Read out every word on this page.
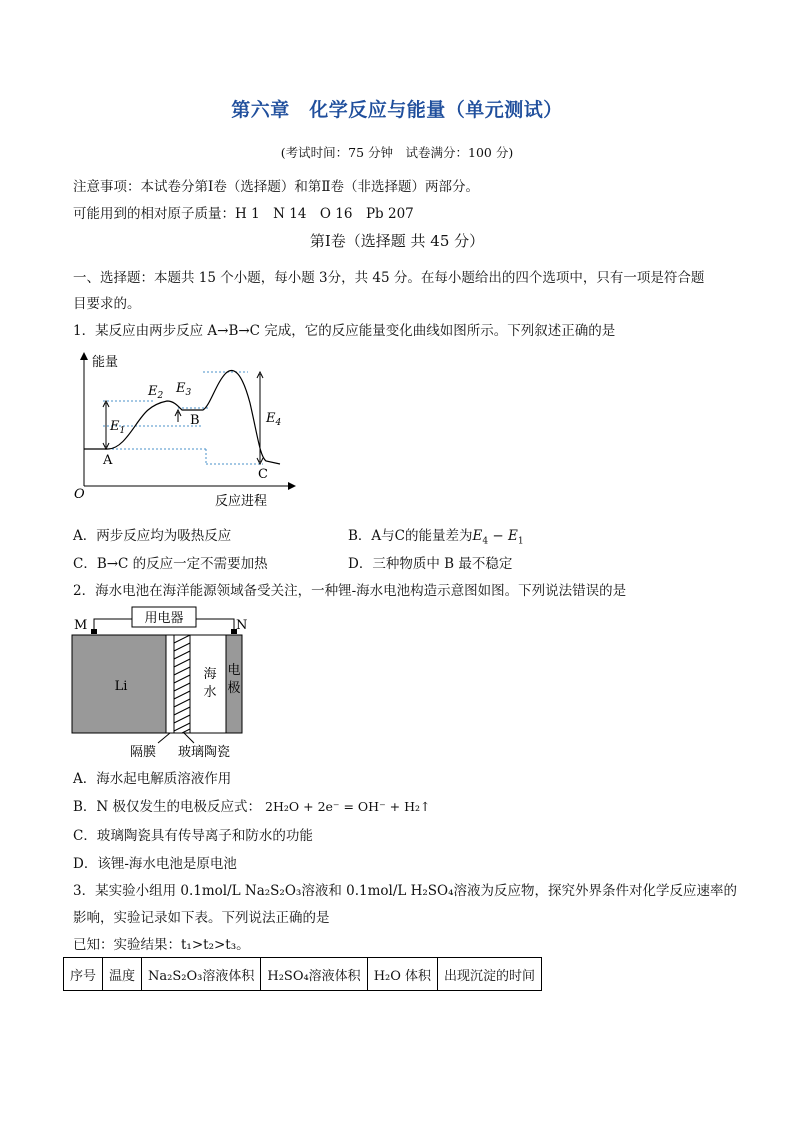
第六章　化学反应与能量（单元测试）
(考试时间：75 分钟　试卷满分：100 分)
注意事项：本试卷分第Ⅰ卷（选择题）和第Ⅱ卷（非选择题）两部分。
可能用到的相对原子质量：H 1　N 14　O 16　Pb 207
第Ⅰ卷（选择题 共 45 分）
一、选择题：本题共 15 个小题，每小题 3分，共 45 分。在每小题给出的四个选项中，只有一项是符合题
目要求的。
1．某反应由两步反应 A→B→C 完成，它的反应能量变化曲线如图所示。下列叙述正确的是
能量
O	反应进程
$E_1$
$E_2$ $E_3$
$E_4$
A
B
C
A．两步反应均为吸热反应	B．A与C的能量差为$E_4 - E_1$
C．B→C 的反应一定不需要加热	D．三种物质中 B 最不稳定
2．海水电池在海洋能源领域备受关注，一种锂-海水电池构造示意图如图。下列说法错误的是
用电器
M	N
Li
海
水
电
极
隔膜 玻璃陶瓷
A．海水起电解质溶液作用
B．N 极仅发生的电极反应式： 2H₂O + 2e⁻ = OH⁻ + H₂↑
C．玻璃陶瓷具有传导离子和防水的功能
D．该锂-海水电池是原电池
3．某实验小组用 0.1mol/L Na₂S₂O₃溶液和 0.1mol/L H₂SO₄溶液为反应物，探究外界条件对化学反应速率的
影响，实验记录如下表。下列说法正确的是
已知：实验结果：t₁>t₂>t₃。
序号	温度	Na₂S₂O₃溶液体积	H₂SO₄溶液体积	H₂O 体积	出现沉淀的时间
